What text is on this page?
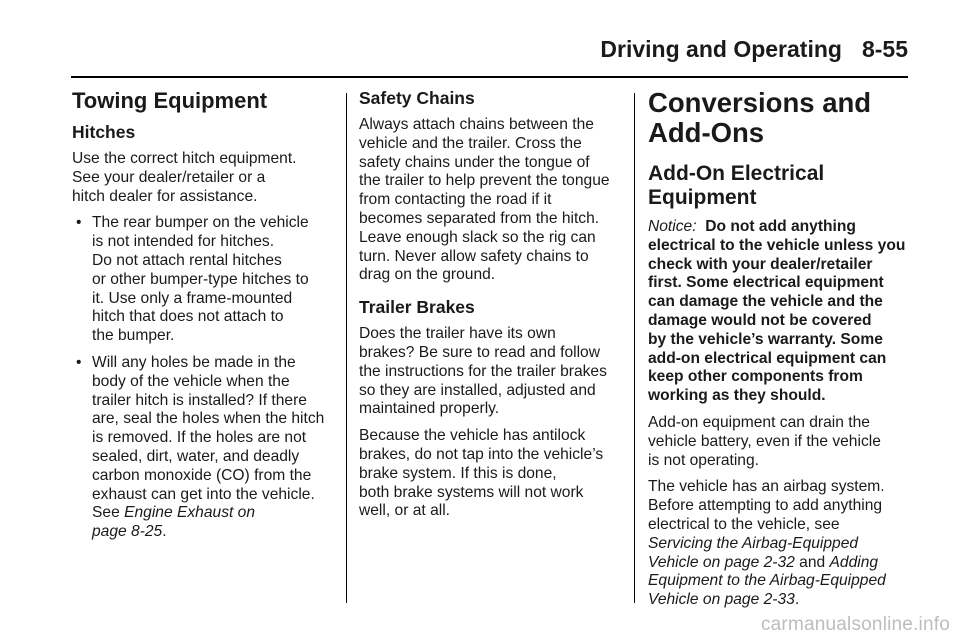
Driving and Operating 8-55
Towing Equipment
Hitches

Use the correct hitch equipment.
See your dealer/retailer or a
hitch dealer for assistance.

• The rear bumper on the vehicle
is not intended for hitches.
Do not attach rental hitches
or other bumper-type hitches to
it. Use only a frame-mounted
hitch that does not attach to
the bumper.
• Will any holes be made in the
body of the vehicle when the
trailer hitch is installed? If there
are, seal the holes when the hitch
is removed. If the holes are not
sealed, dirt, water, and deadly
carbon monoxide (CO) from the
exhaust can get into the vehicle.
See Engine Exhaust on
page 8-25.
Safety Chains

Always attach chains between the
vehicle and the trailer. Cross the
safety chains under the tongue of
the trailer to help prevent the tongue
from contacting the road if it
becomes separated from the hitch.
Leave enough slack so the rig can
turn. Never allow safety chains to
drag on the ground.

Trailer Brakes

Does the trailer have its own
brakes? Be sure to read and follow
the instructions for the trailer brakes
so they are installed, adjusted and
maintained properly.

Because the vehicle has antilock
brakes, do not tap into the vehicle’s
brake system. If this is done,
both brake systems will not work
well, or at all.

Conversions and
Add-Ons
Add-On Electrical
Equipment

Notice: Do not add anything
electrical to the vehicle unless you
check with your dealer/retailer
first. Some electrical equipment
can damage the vehicle and the
damage would not be covered
by the vehicle’s warranty. Some
add-on electrical equipment can
keep other components from
working as they should.

Add-on equipment can drain the
vehicle battery, even if the vehicle
is not operating.

The vehicle has an airbag system.
Before attempting to add anything
electrical to the vehicle, see
Servicing the Airbag-Equipped
Vehicle on page 2-32 and Adding
Equipment to the Airbag-Equipped
Vehicle on page 2-33.

carmanualsonline.info
